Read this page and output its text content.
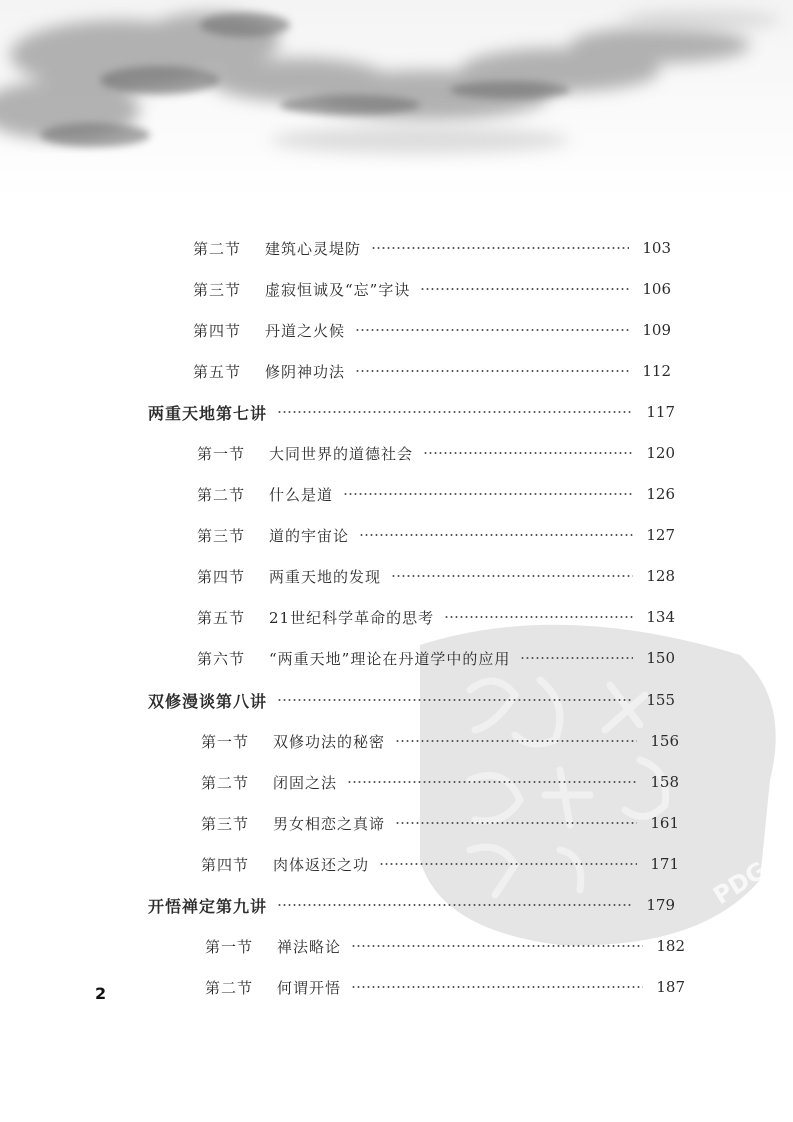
PDG
第二节	建筑心灵堤防	103
第三节	虚寂恒诚及“忘”字诀	106
第四节	丹道之火候	109
第五节	修阴神功法	112
两重天地第七讲	117
第一节	大同世界的道德社会	120
第二节	什么是道	126
第三节	道的宇宙论	127
第四节	两重天地的发现	128
第五节	21世纪科学革命的思考	134
第六节	“两重天地”理论在丹道学中的应用	150
双修漫谈第八讲	155
第一节	双修功法的秘密	156
第二节	闭固之法	158
第三节	男女相恋之真谛	161
第四节	肉体返还之功	171
开悟禅定第九讲	179
第一节	禅法略论	182
第二节	何谓开悟	187
2
